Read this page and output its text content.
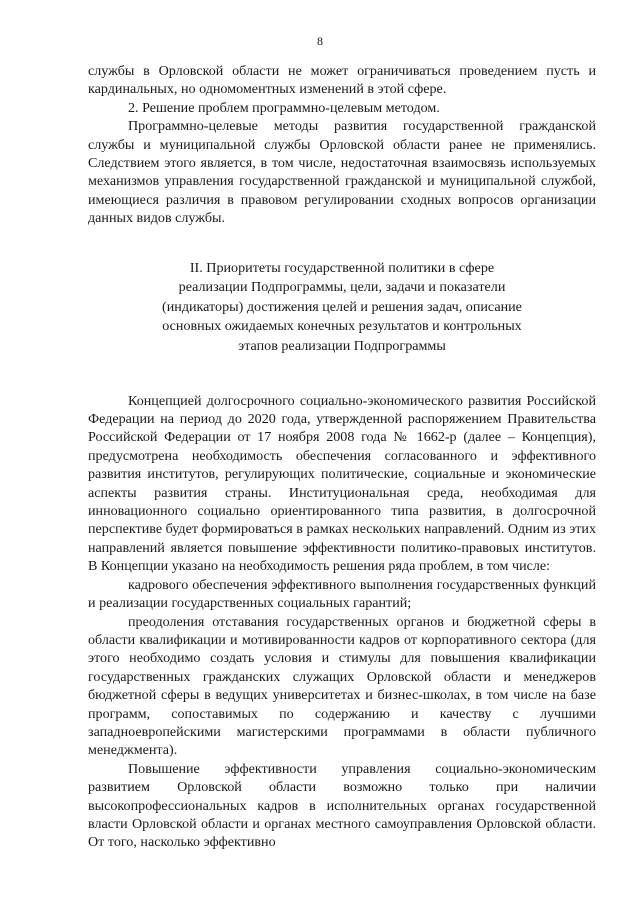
8

службы в Орловской области не может ограничиваться проведением пусть и кардинальных, но одномоментных изменений в этой сфере.

2. Решение проблем программно-целевым методом.

Программно-целевые методы развития государственной гражданской службы и муниципальной службы Орловской области ранее не применялись. Следствием этого является, в том числе, недостаточная взаимосвязь используемых механизмов управления государственной гражданской и муниципальной службой, имеющиеся различия в правовом регулировании сходных вопросов организации данных видов службы.

II. Приоритеты государственной политики в сфере
реализации Подпрограммы, цели, задачи и показатели
(индикаторы) достижения целей и решения задач, описание
основных ожидаемых конечных результатов и контрольных
этапов реализации Подпрограммы

Концепцией долгосрочного социально-экономического развития Российской Федерации на период до 2020 года, утвержденной распоряжением Правительства Российской Федерации от 17 ноября 2008 года № 1662-р (далее – Концепция), предусмотрена необходимость обеспечения согласованного и эффективного развития институтов, регулирующих политические, социальные и экономические аспекты развития страны. Институциональная среда, необходимая для инновационного социально ориентированного типа развития, в долгосрочной перспективе будет формироваться в рамках нескольких направлений. Одним из этих направлений является повышение эффективности политико-правовых институтов. В Концепции указано на необходимость решения ряда проблем, в том числе:

кадрового обеспечения эффективного выполнения государственных функций и реализации государственных социальных гарантий;

преодоления отставания государственных органов и бюджетной сферы в области квалификации и мотивированности кадров от корпоративного сектора (для этого необходимо создать условия и стимулы для повышения квалификации государственных гражданских служащих Орловской области и менеджеров бюджетной сферы в ведущих университетах и бизнес-школах, в том числе на базе программ, сопоставимых по содержанию и качеству с лучшими западноевропейскими магистерскими программами в области публичного менеджмента).

Повышение эффективности управления социально-экономическим развитием Орловской области возможно только при наличии высокопрофессиональных кадров в исполнительных органах государственной власти Орловской области и органах местного самоуправления Орловской области. От того, насколько эффективно
